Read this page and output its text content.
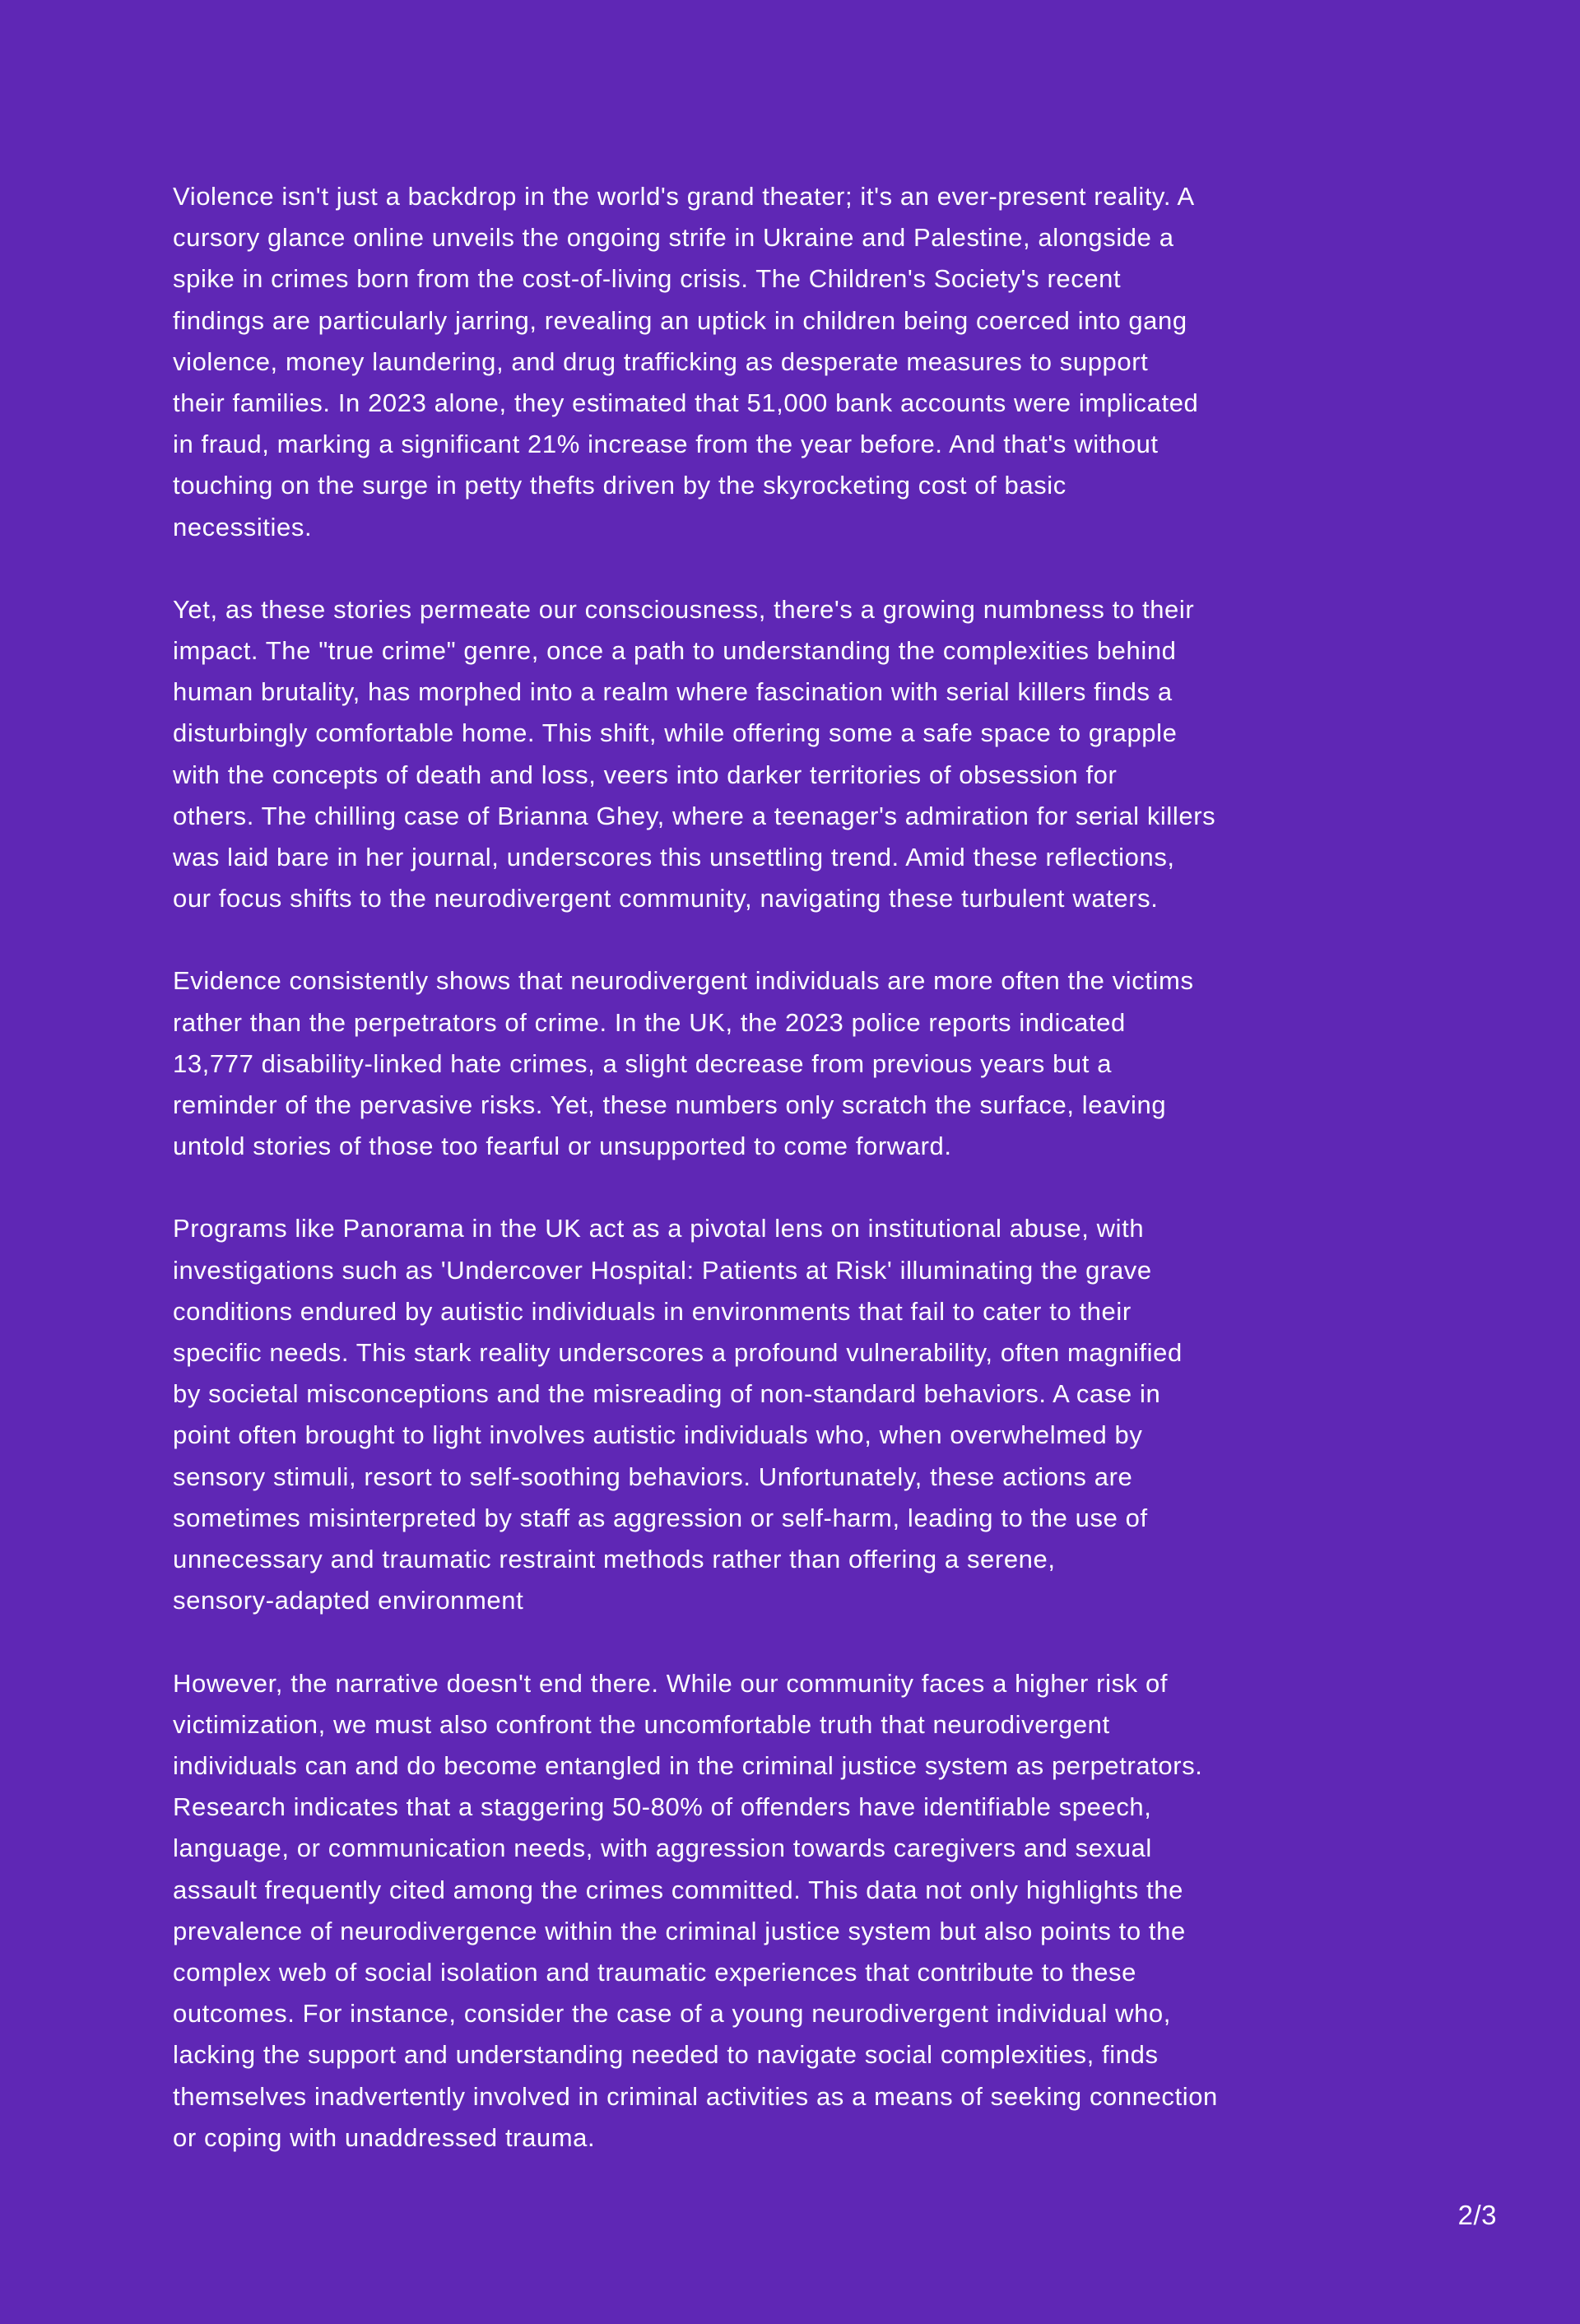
Violence isn't just a backdrop in the world's grand theater; it's an ever-present reality. A
cursory glance online unveils the ongoing strife in Ukraine and Palestine, alongside a
spike in crimes born from the cost-of-living crisis. The Children's Society's recent
findings are particularly jarring, revealing an uptick in children being coerced into gang
violence, money laundering, and drug trafficking as desperate measures to support
their families. In 2023 alone, they estimated that 51,000 bank accounts were implicated
in fraud, marking a significant 21% increase from the year before. And that's without
touching on the surge in petty thefts driven by the skyrocketing cost of basic
necessities.

Yet, as these stories permeate our consciousness, there's a growing numbness to their
impact. The "true crime" genre, once a path to understanding the complexities behind
human brutality, has morphed into a realm where fascination with serial killers finds a
disturbingly comfortable home. This shift, while offering some a safe space to grapple
with the concepts of death and loss, veers into darker territories of obsession for
others. The chilling case of Brianna Ghey, where a teenager's admiration for serial killers
was laid bare in her journal, underscores this unsettling trend. Amid these reflections,
our focus shifts to the neurodivergent community, navigating these turbulent waters.

Evidence consistently shows that neurodivergent individuals are more often the victims
rather than the perpetrators of crime. In the UK, the 2023 police reports indicated
13,777 disability-linked hate crimes, a slight decrease from previous years but a
reminder of the pervasive risks. Yet, these numbers only scratch the surface, leaving
untold stories of those too fearful or unsupported to come forward.

Programs like Panorama in the UK act as a pivotal lens on institutional abuse, with
investigations such as 'Undercover Hospital: Patients at Risk' illuminating the grave
conditions endured by autistic individuals in environments that fail to cater to their
specific needs. This stark reality underscores a profound vulnerability, often magnified
by societal misconceptions and the misreading of non-standard behaviors. A case in
point often brought to light involves autistic individuals who, when overwhelmed by
sensory stimuli, resort to self-soothing behaviors. Unfortunately, these actions are
sometimes misinterpreted by staff as aggression or self-harm, leading to the use of
unnecessary and traumatic restraint methods rather than offering a serene,
sensory-adapted environment

However, the narrative doesn't end there. While our community faces a higher risk of
victimization, we must also confront the uncomfortable truth that neurodivergent
individuals can and do become entangled in the criminal justice system as perpetrators.
Research indicates that a staggering 50-80% of offenders have identifiable speech,
language, or communication needs, with aggression towards caregivers and sexual
assault frequently cited among the crimes committed. This data not only highlights the
prevalence of neurodivergence within the criminal justice system but also points to the
complex web of social isolation and traumatic experiences that contribute to these
outcomes. For instance, consider the case of a young neurodivergent individual who,
lacking the support and understanding needed to navigate social complexities, finds
themselves inadvertently involved in criminal activities as a means of seeking connection
or coping with unaddressed trauma.

2/3
